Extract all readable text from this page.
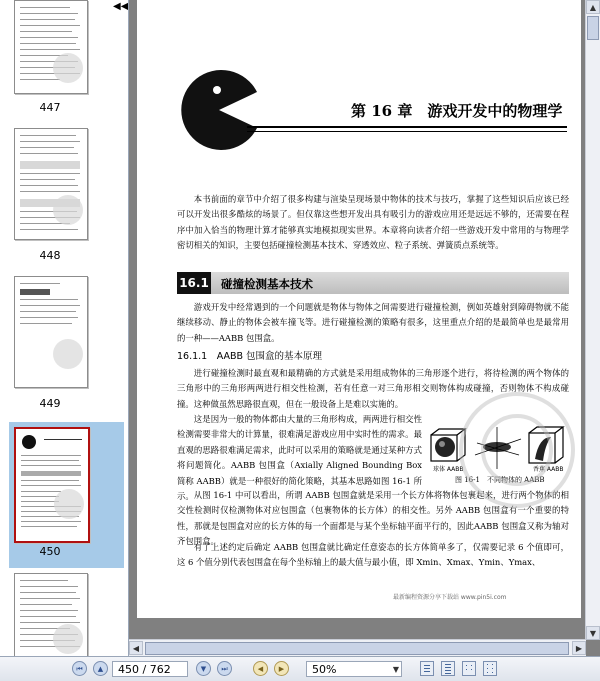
◀◀
447
448
449
450
第 16 章　游戏开发中的物理学
本书前面的章节中介绍了很多构建与渲染呈现场景中物体的技术与技巧，掌握了这些知识后应该已经可以开发出很多酷炫的场景了。但仅靠这些想开发出具有吸引力的游戏应用还是远远不够的，还需要在程序中加入恰当的物理计算才能够真实地模拟现实世界。本章将向读者介绍一些游戏开发中常用的与物理学密切相关的知识，主要包括碰撞检测基本技术、穿透效应、粒子系统、弹簧质点系统等。
16.1 碰撞检测基本技术
游戏开发中经常遇到的一个问题就是物体与物体之间需要进行碰撞检测，例如英雄射到障碍物就不能继续移动、静止的物体会被车撞飞等。进行碰撞检测的策略有很多，这里重点介绍的是最简单也是最常用的一种——AABB 包围盒。
16.1.1　AABB 包围盒的基本原理
进行碰撞检测时最直观和最精确的方式就是采用组成物体的三角形逐个进行，将待检测的两个物体的三角形中的三角形两两进行相交性检测，若有任意一对三角形相交则物体构成碰撞，否则物体不构成碰撞。这种做虽然思路很直观，但在一般设备上是难以实施的。
这是因为一般的物体都由大量的三角形构成，两两进行相交性检测需要非常大的计算量，很难满足游戏应用中实时性的需求。最直观的思路很难满足需求，此时可以采用的策略就是通过某种方式将问题简化。AABB 包围盒（Axially Aligned Bounding Box 简称 AABB）就是一种很好的简化策略，其基本思路如图 16-1 所示。
球体 AABB	香蕉 AABB
图 16-1　不同物体的 AABB
从图 16-1 中可以看出，所谓 AABB 包围盒就是采用一个长方体将物体包裹起来，进行两个物体的相交性检测时仅检测物体对应包围盒（包裹物体的长方体）的相交性。另外 AABB 包围盒有一个重要的特性，那就是包围盒对应的长方体的每一个面都是与某个坐标轴平面平行的，因此AABB 包围盒又称为轴对齐包围盒。
有了上述约定后确定 AABB 包围盒就比确定任意姿态的长方体简单多了，仅需要记录 6 个值即可，这 6 个值分别代表包围盒在每个坐标轴上的最大值与最小值，即 Xmin、Xmax、Ymin、Ymax、
最新编程资源分享下载站 www.pin5i.com
▲
▼
◀	▶
⏮	▲	450 / 762	▼	⏭	◀	▶	50%	▼
